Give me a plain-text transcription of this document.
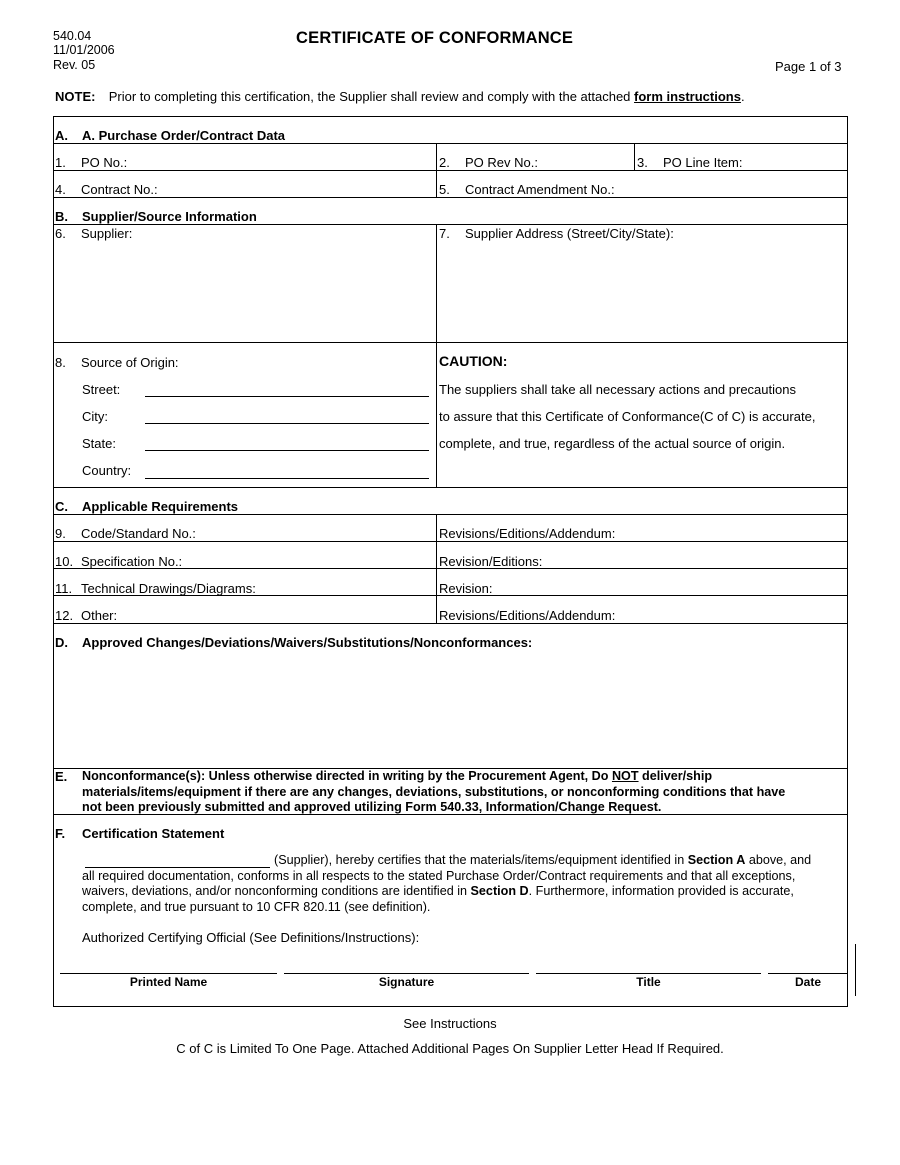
540.04
11/01/2006
Rev. 05
CERTIFICATE OF CONFORMANCE
Page 1 of 3
NOTE: Prior to completing this certification, the Supplier shall review and comply with the attached form instructions.
A. A. Purchase Order/Contract Data
1. PO No.:	2. PO Rev No.:	3. PO Line Item:
4. Contract No.:	5. Contract Amendment No.:
B. Supplier/Source Information
6. Supplier:	7. Supplier Address (Street/City/State):
8. Source of Origin:
Street:
City:
State:
Country:
CAUTION:
The suppliers shall take all necessary actions and precautions
to assure that this Certificate of Conformance(C of C) is accurate,
complete, and true, regardless of the actual source of origin.
C. Applicable Requirements
9. Code/Standard No.:	Revisions/Editions/Addendum:
10. Specification No.:	Revision/Editions:
11. Technical Drawings/Diagrams:	Revision:
12. Other:	Revisions/Editions/Addendum:
D. Approved Changes/Deviations/Waivers/Substitutions/Nonconformances:
E. Nonconformance(s): Unless otherwise directed in writing by the Procurement Agent, Do NOT deliver/ship
materials/items/equipment if there are any changes, deviations, substitutions, or nonconforming conditions that have
not been previously submitted and approved utilizing Form 540.33, Information/Change Request.
F. Certification Statement
(Supplier), hereby certifies that the materials/items/equipment identified in Section A above, and
all required documentation, conforms in all respects to the stated Purchase Order/Contract requirements and that all exceptions,
waivers, deviations, and/or nonconforming conditions are identified in Section D. Furthermore, information provided is accurate,
complete, and true pursuant to 10 CFR 820.11 (see definition).
Authorized Certifying Official (See Definitions/Instructions):
Printed Name	Signature	Title	Date
See Instructions
C of C is Limited To One Page. Attached Additional Pages On Supplier Letter Head If Required.
